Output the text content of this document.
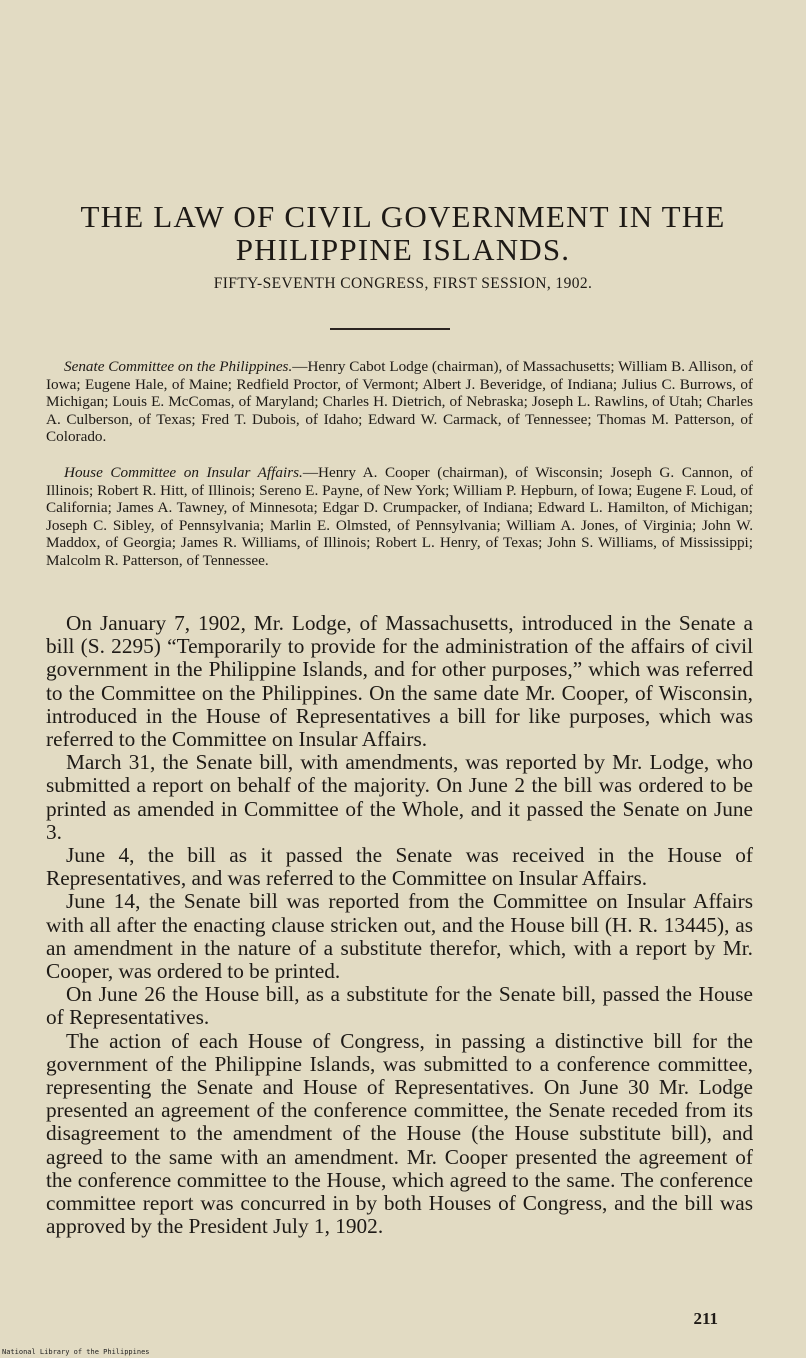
THE LAW OF CIVIL GOVERNMENT IN THE PHILIPPINE ISLANDS.
FIFTY-SEVENTH CONGRESS, FIRST SESSION, 1902.

Senate Committee on the Philippines.—Henry Cabot Lodge (chairman), of Massachusetts; William B. Allison, of Iowa; Eugene Hale, of Maine; Redfield Proctor, of Vermont; Albert J. Beveridge, of Indiana; Julius C. Burrows, of Michigan; Louis E. McComas, of Maryland; Charles H. Dietrich, of Nebraska; Joseph L. Rawlins, of Utah; Charles A. Culberson, of Texas; Fred T. Dubois, of Idaho; Edward W. Carmack, of Tennessee; Thomas M. Patterson, of Colorado.

House Committee on Insular Affairs.—Henry A. Cooper (chairman), of Wisconsin; Joseph G. Cannon, of Illinois; Robert R. Hitt, of Illinois; Sereno E. Payne, of New York; William P. Hepburn, of Iowa; Eugene F. Loud, of California; James A. Tawney, of Minnesota; Edgar D. Crumpacker, of Indiana; Edward L. Hamilton, of Michigan; Joseph C. Sibley, of Pennsylvania; Marlin E. Olmsted, of Pennsylvania; William A. Jones, of Virginia; John W. Maddox, of Georgia; James R. Williams, of Illinois; Robert L. Henry, of Texas; John S. Williams, of Mississippi; Malcolm R. Patterson, of Tennessee.

On January 7, 1902, Mr. Lodge, of Massachusetts, introduced in the Senate a bill (S. 2295) “Temporarily to provide for the administration of the affairs of civil government in the Philippine Islands, and for other purposes,” which was referred to the Committee on the Philippines. On the same date Mr. Cooper, of Wisconsin, introduced in the House of Representatives a bill for like purposes, which was referred to the Committee on Insular Affairs.

March 31, the Senate bill, with amendments, was reported by Mr. Lodge, who submitted a report on behalf of the majority. On June 2 the bill was ordered to be printed as amended in Committee of the Whole, and it passed the Senate on June 3.

June 4, the bill as it passed the Senate was received in the House of Representatives, and was referred to the Committee on Insular Affairs.

June 14, the Senate bill was reported from the Committee on Insular Affairs with all after the enacting clause stricken out, and the House bill (H. R. 13445), as an amendment in the nature of a substitute therefor, which, with a report by Mr. Cooper, was ordered to be printed.

On June 26 the House bill, as a substitute for the Senate bill, passed the House of Representatives.

The action of each House of Congress, in passing a distinctive bill for the government of the Philippine Islands, was submitted to a conference committee, representing the Senate and House of Representatives. On June 30 Mr. Lodge presented an agreement of the conference committee, the Senate receded from its disagreement to the amendment of the House (the House substitute bill), and agreed to the same with an amendment. Mr. Cooper presented the agreement of the conference committee to the House, which agreed to the same. The conference committee report was concurred in by both Houses of Congress, and the bill was approved by the President July 1, 1902.

211
National Library of the Philippines
